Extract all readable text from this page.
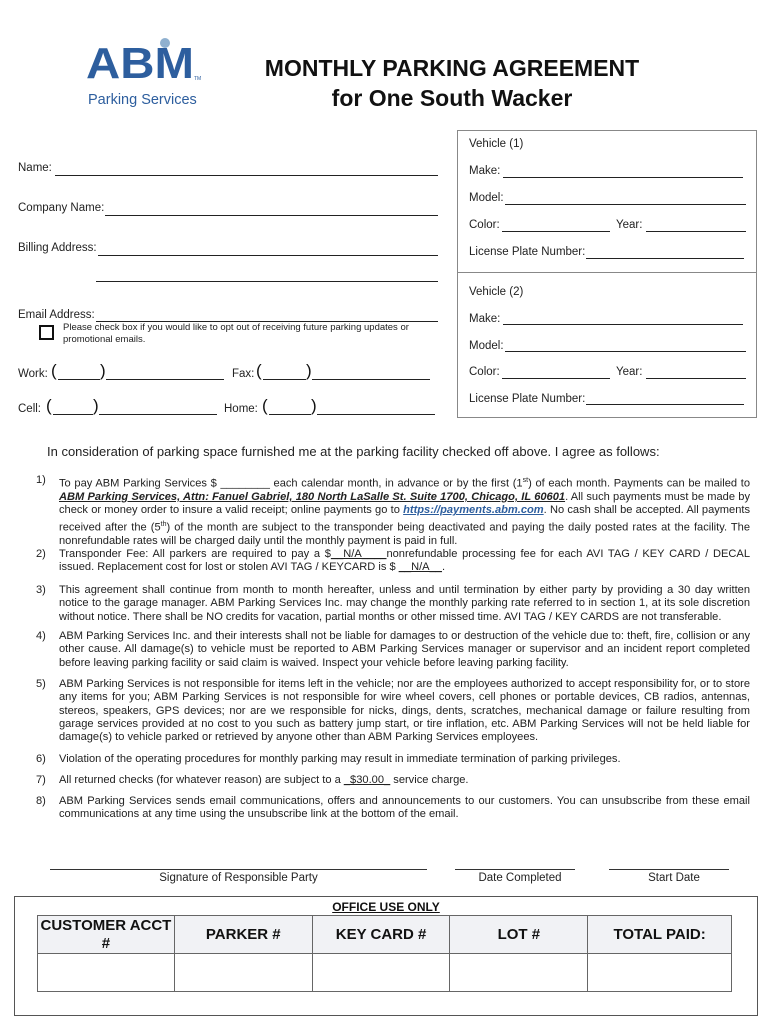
ABM TM
Parking Services
MONTHLY PARKING AGREEMENT
for One South Wacker
Name:
Company Name:
Billing Address:
Email Address:
Please check box if you would like to opt out of receiving future parking updates or promotional emails.
Work: (	)	Fax: (	)
Cell: ( )	Home: (	)
Vehicle (1)
Make:
Model:
Color:	Year:
License Plate Number:
Vehicle (2)
Make:
Model:
Color:	Year:
License Plate Number:
In consideration of parking space furnished me at the parking facility checked off above. I agree as follows:
1)	To pay ABM Parking Services $ ________ each calendar month, in advance or by the first (1st) of each month. Payments can be mailed to ABM Parking Services, Attn: Fanuel Gabriel, 180 North LaSalle St. Suite 1700, Chicago, IL 60601. All such payments must be made by check or money order to insure a valid receipt; online payments go to https://payments.abm.com. No cash shall be accepted. All payments received after the (5th) of the month are subject to the transponder being deactivated and paying the daily posted rates at the facility. The nonrefundable rates will be charged daily until the monthly payment is paid in full.
2)	Transponder Fee: All parkers are required to pay a $__N/A____nonrefundable processing fee for each AVI TAG / KEY CARD / DECAL issued. Replacement cost for lost or stolen AVI TAG / KEYCARD is $ __N/A__.
3)	This agreement shall continue from month to month hereafter, unless and until termination by either party by providing a 30 day written notice to the garage manager. ABM Parking Services Inc. may change the monthly parking rate referred to in section 1, at its sole discretion without notice. There shall be NO credits for vacation, partial months or other missed time. AVI TAG / KEY CARDS are not transferable.
4)	ABM Parking Services Inc. and their interests shall not be liable for damages to or destruction of the vehicle due to: theft, fire, collision or any other cause. All damage(s) to vehicle must be reported to ABM Parking Services manager or supervisor and an incident report completed before leaving parking facility or said claim is waived. Inspect your vehicle before leaving parking facility.
5)	ABM Parking Services is not responsible for items left in the vehicle; nor are the employees authorized to accept responsibility for, or to store any items for you; ABM Parking Services is not responsible for wire wheel covers, cell phones or portable devices, CB radios, antennas, stereos, speakers, GPS devices; nor are we responsible for nicks, dings, dents, scratches, mechanical damage or failure resulting from garage services provided at no cost to you such as battery jump start, or tire inflation, etc. ABM Parking Services will not be held liable for damage(s) to vehicle parked or retrieved by anyone other than ABM Parking Services employees.
6)	Violation of the operating procedures for monthly parking may result in immediate termination of parking privileges.
7)	All returned checks (for whatever reason) are subject to a _$30.00_ service charge.
8)	ABM Parking Services sends email communications, offers and announcements to our customers. You can unsubscribe from these email communications at any time using the unsubscribe link at the bottom of the email.
Signature of Responsible Party	Date Completed	Start Date
OFFICE USE ONLY
CUSTOMER ACCT #	PARKER #	KEY CARD #	LOT #	TOTAL PAID:
